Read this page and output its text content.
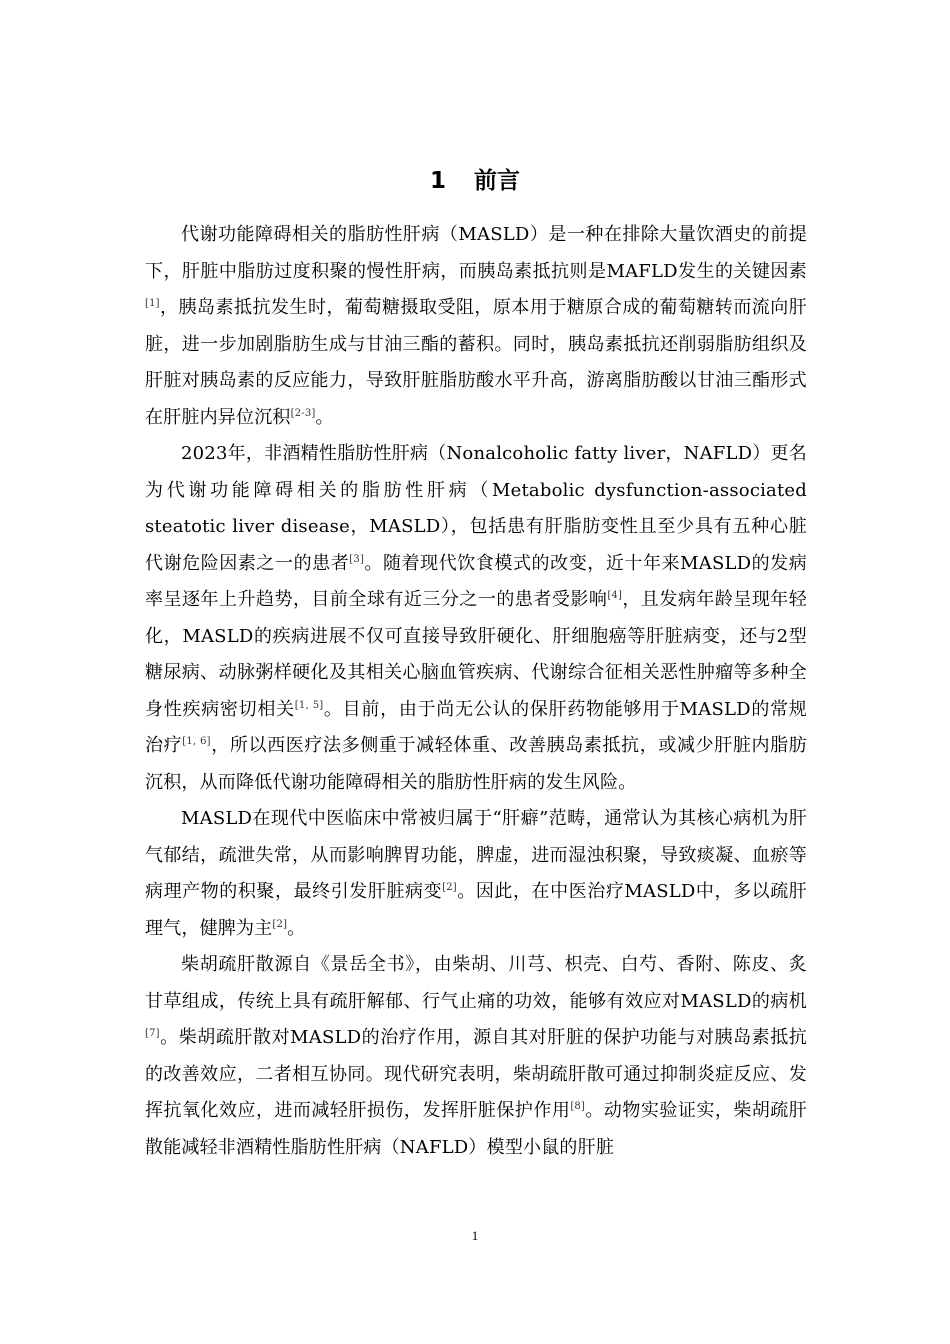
1 前言

代谢功能障碍相关的脂肪性肝病（MASLD）是一种在排除大量饮酒史的前提下，肝脏中脂肪过度积聚的慢性肝病，而胰岛素抵抗则是MAFLD发生的关键因素[1]，胰岛素抵抗发生时，葡萄糖摄取受阻，原本用于糖原合成的葡萄糖转而流向肝脏，进一步加剧脂肪生成与甘油三酯的蓄积。同时，胰岛素抵抗还削弱脂肪组织及肝脏对胰岛素的反应能力，导致肝脏脂肪酸水平升高，游离脂肪酸以甘油三酯形式在肝脏内异位沉积[2-3]。

2023年，非酒精性脂肪性肝病（Nonalcoholic fatty liver，NAFLD）更名为代谢功能障碍相关的脂肪性肝病（Metabolic dysfunction-associated steatotic liver disease，MASLD），包括患有肝脂肪变性且至少具有五种心脏代谢危险因素之一的患者[3]。随着现代饮食模式的改变，近十年来MASLD的发病率呈逐年上升趋势，目前全球有近三分之一的患者受影响[4]，且发病年龄呈现年轻化，MASLD的疾病进展不仅可直接导致肝硬化、肝细胞癌等肝脏病变，还与2型糖尿病、动脉粥样硬化及其相关心脑血管疾病、代谢综合征相关恶性肿瘤等多种全身性疾病密切相关[1, 5]。目前，由于尚无公认的保肝药物能够用于MASLD的常规治疗[1, 6]，所以西医疗法多侧重于减轻体重、改善胰岛素抵抗，或减少肝脏内脂肪沉积，从而降低代谢功能障碍相关的脂肪性肝病的发生风险。

MASLD在现代中医临床中常被归属于“肝癖”范畴，通常认为其核心病机为肝气郁结，疏泄失常，从而影响脾胃功能，脾虚，进而湿浊积聚，导致痰凝、血瘀等病理产物的积聚，最终引发肝脏病变[2]。因此，在中医治疗MASLD中，多以疏肝理气，健脾为主[2]。

柴胡疏肝散源自《景岳全书》，由柴胡、川芎、枳壳、白芍、香附、陈皮、炙甘草组成，传统上具有疏肝解郁、行气止痛的功效，能够有效应对MASLD的病机[7]。柴胡疏肝散对MASLD的治疗作用，源自其对肝脏的保护功能与对胰岛素抵抗的改善效应，二者相互协同。现代研究表明，柴胡疏肝散可通过抑制炎症反应、发挥抗氧化效应，进而减轻肝损伤，发挥肝脏保护作用[8]。动物实验证实，柴胡疏肝散能减轻非酒精性脂肪性肝病（NAFLD）模型小鼠的肝脏

1
